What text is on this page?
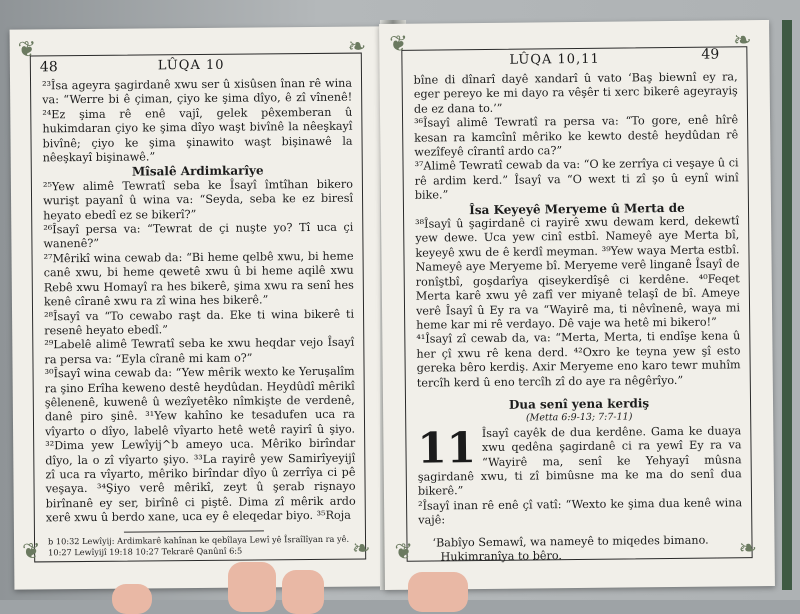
❦	❧
❦	❧
48	LÛQA 10

²³Îsa ageyra şagirdanê xwu ser û xisûsen înan rê wina va: “Werre bi ê çiman, çiyo ke şima dîyo, ê zî vînenê! ²⁴Ez şima rê enê vajî, gelek pêxemberan û hukimdaran çiyo ke şima dîyo waşt bivînê la nêeşkayî bivînê; çiyo ke şima şinawito waşt bişinawê la nêeşkayî bişinawê.”

Mîsalê Ardimkarîye

²⁵Yew alimê Tewratî seba ke Îsayî îmtîhan bikero wurişt payanî û wina va: “Seyda, seba ke ez biresî heyato ebedî ez se bikerî?”

²⁶Îsayî persa va: “Tewrat de çi nuşte yo? Tî uca çi wanenê?”

²⁷Mêrikî wina cewab da: “Bi heme qelbê xwu, bi heme canê xwu, bi heme qewetê xwu û bi heme aqilê xwu Rebê xwu Homayî ra hes bikerê, şima xwu ra senî hes kenê cîranê xwu ra zî wina hes bikerê.”

²⁸Îsayî va “To cewabo raşt da. Eke ti wina bikerê ti resenê heyato ebedî.”

²⁹Labelê alimê Tewratî seba ke xwu heqdar vejo Îsayî ra persa va: “Eyla cîranê mi kam o?”

³⁰Îsayî wina cewab da: “Yew mêrik wexto ke Yeruşalîm ra şino Erîha keweno destê heydûdan. Heydûdî mêrikî şêlenenê, kuwenê û wezîyetêko nîmkişte de verdenê, danê piro şinê. ³¹Yew kahîno ke tesadufen uca ra vîyarto o dîyo, labelê vîyarto hetê wetê rayirî û şiyo. ³²Dima yew Lewîyij^b ameyo uca. Mêriko birîndar dîyo, la o zî vîyarto şiyo. ³³La rayirê yew Samirîyeyijî zî uca ra vîyarto, mêriko birîndar dîyo û zerrîya ci pê veşaya. ³⁴Şiyo verê mêrikî, zeyt û şerab rişnayo birînanê ey ser, birînê ci piştê. Dima zî mêrik ardo xerê xwu û berdo xane, uca ey ê eleqedar biyo. ³⁵Roja

b 10:32 Lewîyij: Ardimkarê kahînan ke qebîlaya Lewî yê Îsraîlîyan ra yê.
10:27 Lewîyijî 19:18 10:27 Tekrarê Qanûnî 6:5
❦	❧
❦	❧
LÛQA 10,11	49

bîne di dînarî dayê xandarî û vato ‘Baş biewnî ey ra, eger pereyo ke mi dayo ra vêşêr ti xerc bikerê ageyrayiş de ez dana to.’”

³⁶Îsayî alimê Tewratî ra persa va: “To gore, enê hîrê kesan ra kamcînî mêriko ke kewto destê heydûdan rê wezîfeyê cîrantî ardo ca?”

³⁷Alimê Tewratî cewab da va: “O ke zerrîya ci veşaye û ci rê ardim kerd.” Îsayî va “O wext ti zî şo û eynî winî bike.”

Îsa Keyeyê Meryeme û Merta de

³⁸Îsayî û şagirdanê ci rayirê xwu dewam kerd, dekewtî yew dewe. Uca yew cinî estbî. Nameyê aye Merta bî, keyeyê xwu de ê kerdî meyman. ³⁹Yew waya Merta estbî. Nameyê aye Meryeme bî. Meryeme verê linganê Îsayî de ronîştbî, goşdarîya qiseykerdîşê ci kerdêne. ⁴⁰Feqet Merta karê xwu yê zafî ver miyanê telaşî de bî. Ameye verê Îsayî û Ey ra va “Wayirê ma, ti nêvînenê, waya mi heme kar mi rê verdayo. Dê vaje wa hetê mi bikero!”

⁴¹Îsayî zî cewab da, va: “Merta, Merta, ti endîşe kena û her çî xwu rê kena derd. ⁴²Oxro ke teyna yew şî esto gereka bêro kerdiş. Axir Meryeme eno karo tewr muhîm tercîh kerd û eno tercîh zî do aye ra nêgêrîyo.”

Dua senî yena kerdiş

(Metta 6:9-13; 7:7-11)

11 Îsayî cayêk de dua kerdêne. Gama ke duaya xwu qedêna şagirdanê ci ra yewî Ey ra va “Wayirê ma, senî ke Yehyayî mûsna şagirdanê xwu, ti zî bimûsne ma ke ma do senî dua bikerê.”

²Îsayî inan rê enê çî vatî: “Wexto ke şima dua kenê wina vajê:

‘Babîyo Semawî, wa nameyê to miqedes bimano.

Hukimranîya to bêro.
